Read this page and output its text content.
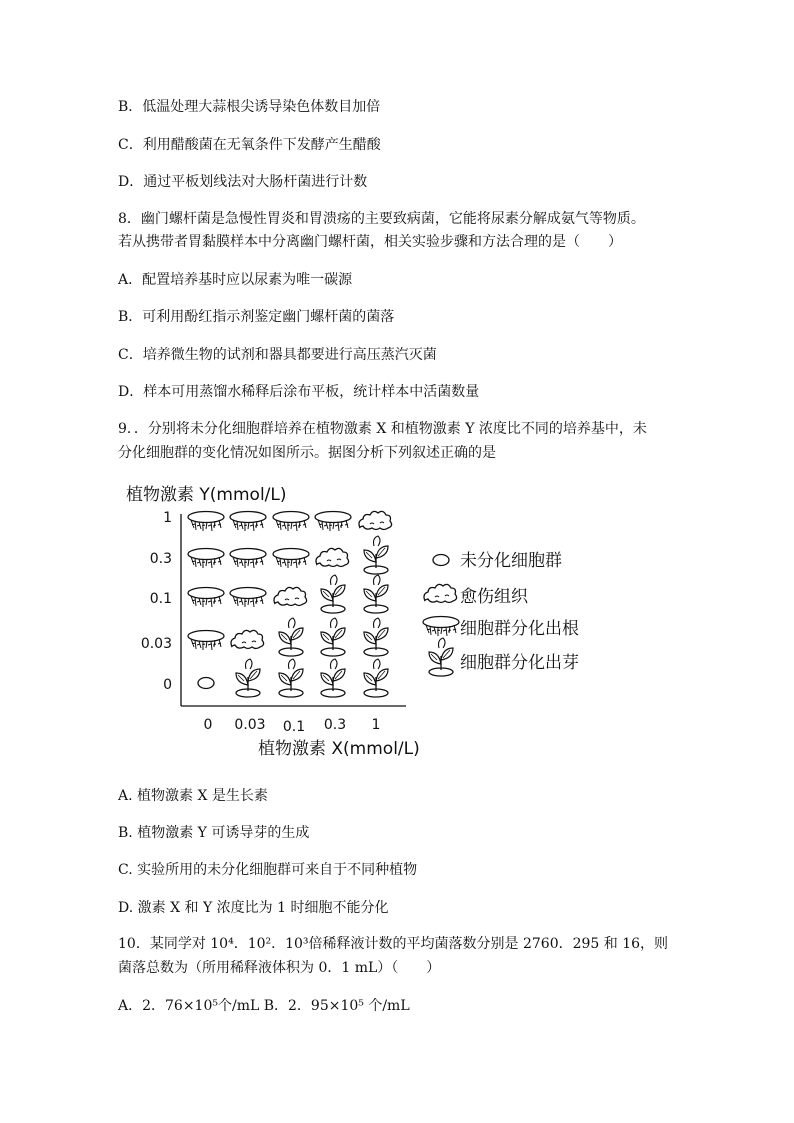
B．低温处理大蒜根尖诱导染色体数目加倍
C．利用醋酸菌在无氧条件下发酵产生醋酸
D．通过平板划线法对大肠杆菌进行计数
8．幽门螺杆菌是急慢性胃炎和胃溃疡的主要致病菌，它能将尿素分解成氨气等物质。
若从携带者胃黏膜样本中分离幽门螺杆菌，相关实验步骤和方法合理的是（　　）
A．配置培养基时应以尿素为唯一碳源
B．可利用酚红指示剂鉴定幽门螺杆菌的菌落
C．培养微生物的试剂和器具都要进行高压蒸汽灭菌
D．样本可用蒸馏水稀释后涂布平板，统计样本中活菌数量
9．．分别将未分化细胞群培养在植物激素 X 和植物激素 Y 浓度比不同的培养基中，未
分化细胞群的变化情况如图所示。据图分析下列叙述正确的是
植物激素 Y(mmol/L)
植物激素 X(mmol/L)
1
0.3
0.1
0.03
0
0 0.03 0.1 0.3 1
未分化细胞群
愈伤组织
细胞群分化出根
细胞群分化出芽
A. 植物激素 X 是生长素
B. 植物激素 Y 可诱导芽的生成
C. 实验所用的未分化细胞群可来自于不同种植物
D. 激素 X 和 Y 浓度比为 1 时细胞不能分化
10．某同学对 10⁴．10²．10³倍稀释液计数的平均菌落数分别是 2760．295 和 16，则
菌落总数为（所用稀释液体积为 0．1 mL）（　　）
A．2．76×10⁵个/mL B．2．95×10⁵ 个/mL
